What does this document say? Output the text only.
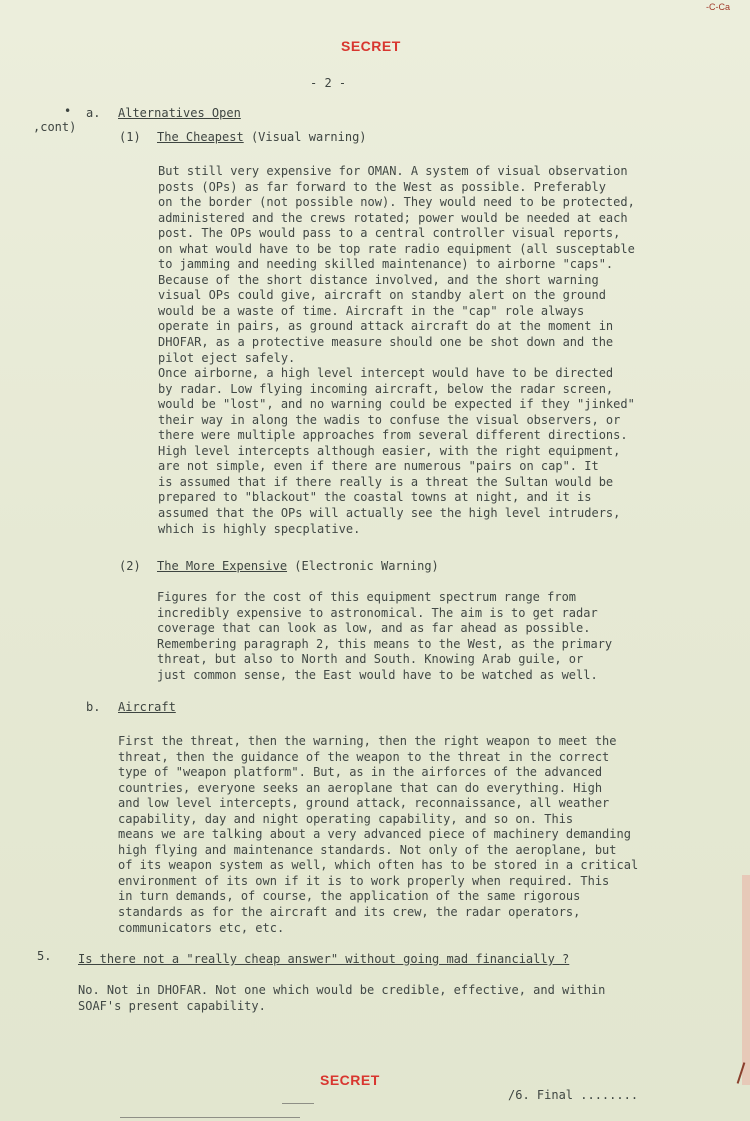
-C-Ca
SECRET
- 2 -
•
,cont)
a. Alternatives Open
(1) The Cheapest (Visual warning)
But still very expensive for OMAN. A system of visual observation
posts (OPs) as far forward to the West as possible. Preferably
on the border (not possible now). They would need to be protected,
administered and the crews rotated; power would be needed at each
post. The OPs would pass to a central controller visual reports,
on what would have to be top rate radio equipment (all susceptable
to jamming and needing skilled maintenance) to airborne "caps".
Because of the short distance involved, and the short warning
visual OPs could give, aircraft on standby alert on the ground
would be a waste of time. Aircraft in the "cap" role always
operate in pairs, as ground attack aircraft do at the moment in
DHOFAR, as a protective measure should one be shot down and the
pilot eject safely.
Once airborne, a high level intercept would have to be directed
by radar. Low flying incoming aircraft, below the radar screen,
would be "lost", and no warning could be expected if they "jinked"
their way in along the wadis to confuse the visual observers, or
there were multiple approaches from several different directions.
High level intercepts although easier, with the right equipment,
are not simple, even if there are numerous "pairs on cap". It
is assumed that if there really is a threat the Sultan would be
prepared to "blackout" the coastal towns at night, and it is
assumed that the OPs will actually see the high level intruders,
which is highly specplative.
(2) The More Expensive (Electronic Warning)
Figures for the cost of this equipment spectrum range from
incredibly expensive to astronomical. The aim is to get radar
coverage that can look as low, and as far ahead as possible.
Remembering paragraph 2, this means to the West, as the primary
threat, but also to North and South. Knowing Arab guile, or
just common sense, the East would have to be watched as well.
b. Aircraft
First the threat, then the warning, then the right weapon to meet the
threat, then the guidance of the weapon to the threat in the correct
type of "weapon platform". But, as in the airforces of the advanced
countries, everyone seeks an aeroplane that can do everything. High
and low level intercepts, ground attack, reconnaissance, all weather
capability, day and night operating capability, and so on. This
means we are talking about a very advanced piece of machinery demanding
high flying and maintenance standards. Not only of the aeroplane, but
of its weapon system as well, which often has to be stored in a critical
environment of its own if it is to work properly when required. This
in turn demands, of course, the application of the same rigorous
standards as for the aircraft and its crew, the radar operators,
communicators etc, etc.
5. Is there not a "really cheap answer" without going mad financially ?
No. Not in DHOFAR. Not one which would be credible, effective, and within
SOAF's present capability.
SECRET
/6. Final ........
